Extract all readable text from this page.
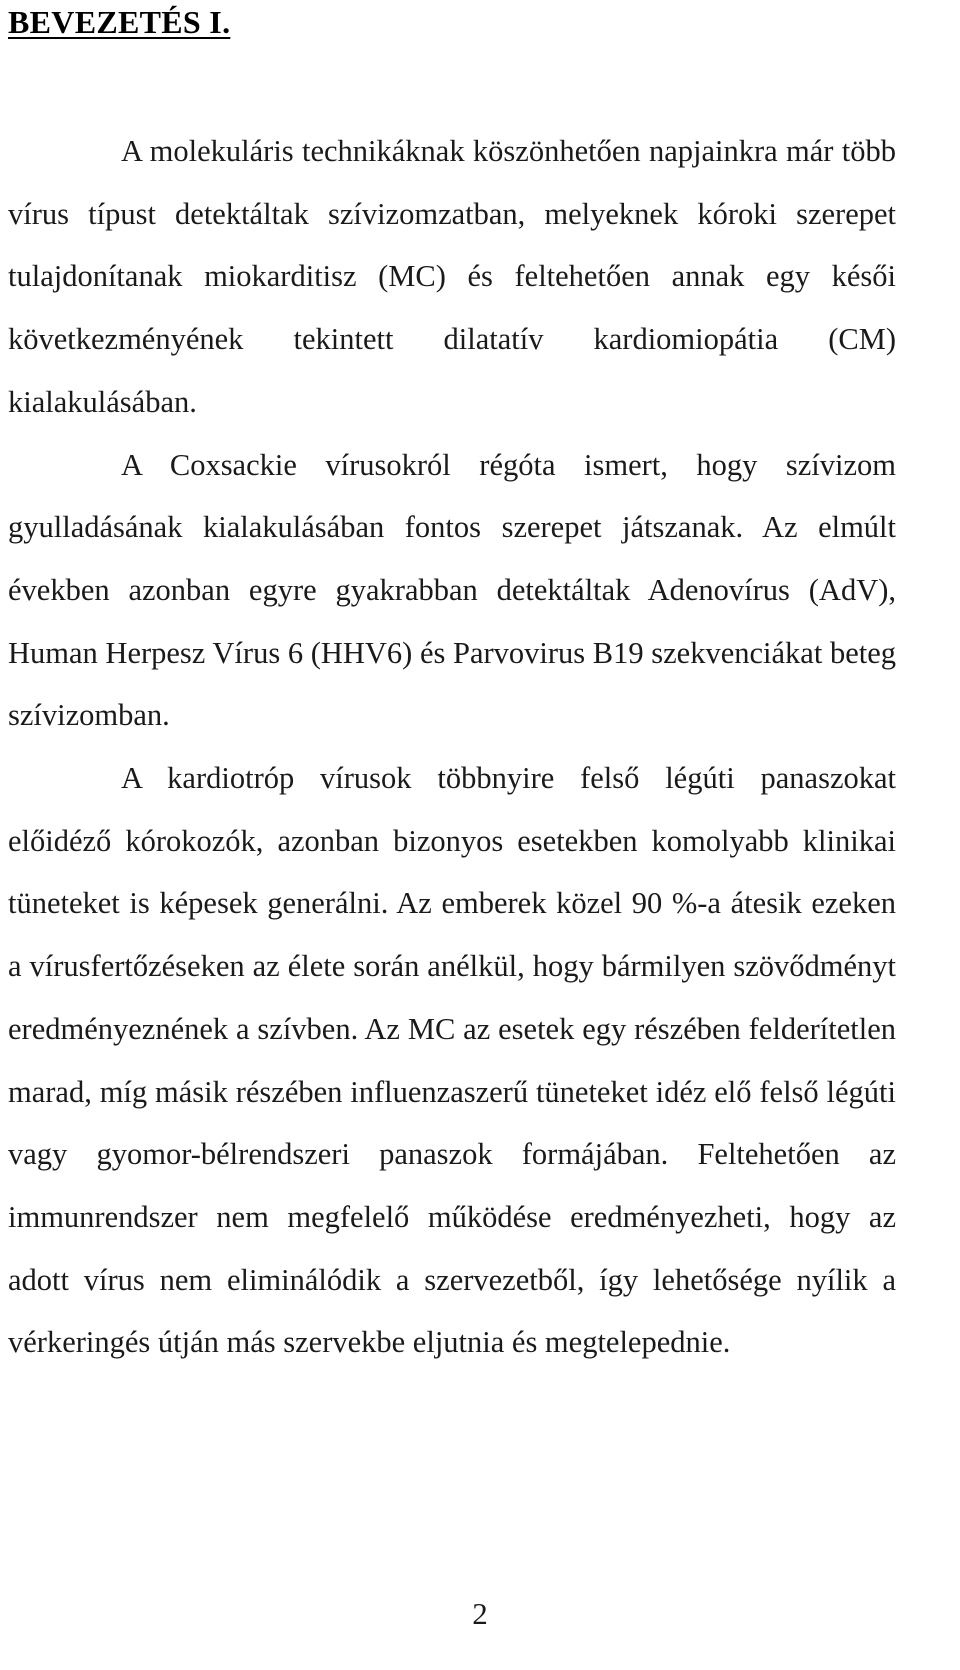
BEVEZETÉS I.

A molekuláris technikáknak köszönhetően napjainkra már több vírus típust detektáltak szívizomzatban, melyeknek kóroki szerepet tulajdonítanak miokarditisz (MC) és feltehetően annak egy késői következményének tekintett dilatatív kardiomiopátia (CM) kialakulásában.

A Coxsackie vírusokról régóta ismert, hogy szívizom gyulladásának kialakulásában fontos szerepet játszanak. Az elmúlt években azonban egyre gyakrabban detektáltak Adenovírus (AdV), Human Herpesz Vírus 6 (HHV6) és Parvovirus B19 szekvenciákat beteg szívizomban.

A kardiotróp vírusok többnyire felső légúti panaszokat előidéző kórokozók, azonban bizonyos esetekben komolyabb klinikai tüneteket is képesek generálni. Az emberek közel 90 %-a átesik ezeken a vírusfertőzéseken az élete során anélkül, hogy bármilyen szövődményt eredményeznének a szívben. Az MC az esetek egy részében felderítetlen marad, míg másik részében influenzaszerű tüneteket idéz elő felső légúti vagy gyomor-bélrendszeri panaszok formájában. Feltehetően az immunrendszer nem megfelelő működése eredményezheti, hogy az adott vírus nem eliminálódik a szervezetből, így lehetősége nyílik a vérkeringés útján más szervekbe eljutnia és megtelepednie.

2
